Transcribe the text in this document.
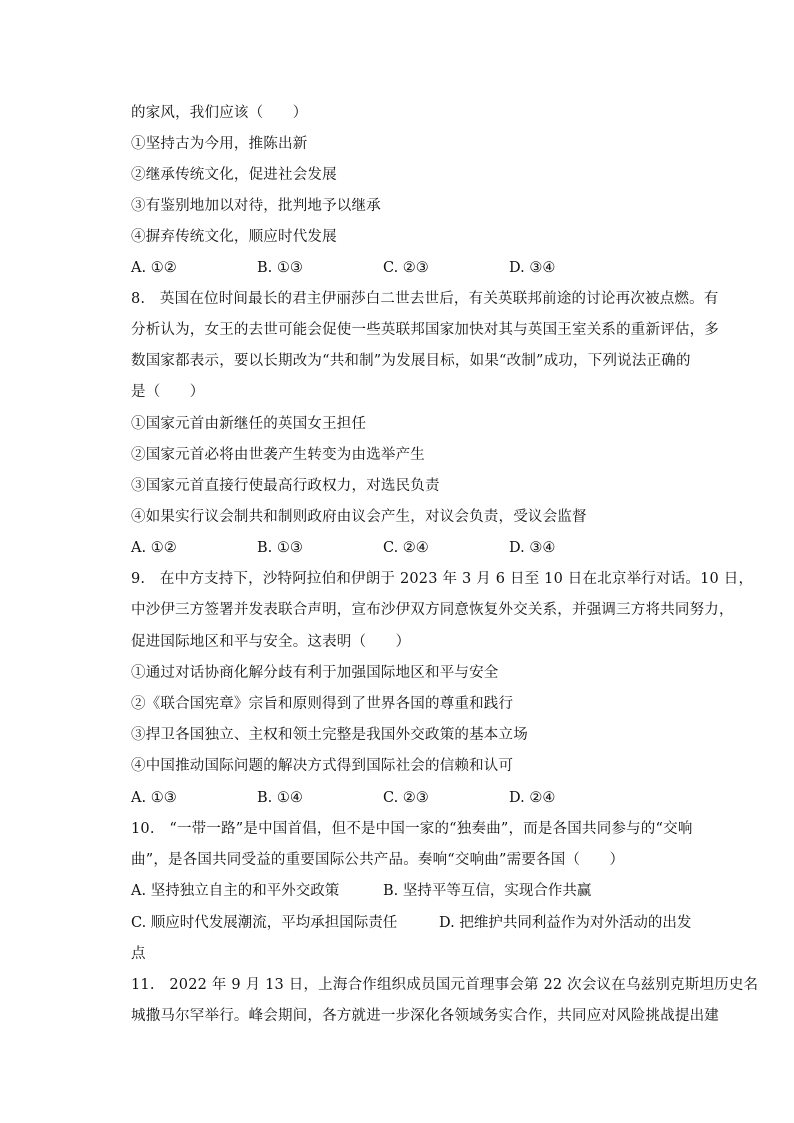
的家风，我们应该（　　）
①坚持古为今用，推陈出新
②继承传统文化，促进社会发展
③有鉴别地加以对待，批判地予以继承
④摒弃传统文化，顺应时代发展
A. ①②	B. ①③	C. ②③	D. ③④
8.　英国在位时间最长的君主伊丽莎白二世去世后，有关英联邦前途的讨论再次被点燃。有
分析认为，女王的去世可能会促使一些英联邦国家加快对其与英国王室关系的重新评估，多
数国家都表示，要以长期改为“共和制”为发展目标，如果“改制”成功，下列说法正确的
是（　　）
①国家元首由新继任的英国女王担任
②国家元首必将由世袭产生转变为由选举产生
③国家元首直接行使最高行政权力，对选民负责
④如果实行议会制共和制则政府由议会产生，对议会负责，受议会监督
A. ①②	B. ①③	C. ②④	D. ③④
9.　在中方支持下，沙特阿拉伯和伊朗于 2023 年 3 月 6 日至 10 日在北京举行对话。10 日，
中沙伊三方签署并发表联合声明，宣布沙伊双方同意恢复外交关系，并强调三方将共同努力，
促进国际地区和平与安全。这表明（　　）
①通过对话协商化解分歧有利于加强国际地区和平与安全
②《联合国宪章》宗旨和原则得到了世界各国的尊重和践行
③捍卫各国独立、主权和领土完整是我国外交政策的基本立场
④中国推动国际问题的解决方式得到国际社会的信赖和认可
A. ①③	B. ①④	C. ②③	D. ②④
10.　“一带一路”是中国首倡，但不是中国一家的“独奏曲”，而是各国共同参与的“交响
曲”，是各国共同受益的重要国际公共产品。奏响“交响曲”需要各国（　　）
A. 坚持独立自主的和平外交政策	B. 坚持平等互信，实现合作共赢
C. 顺应时代发展潮流，平均承担国际责任	D. 把维护共同利益作为对外活动的出发
点
11.　2022 年 9 月 13 日，上海合作组织成员国元首理事会第 22 次会议在乌兹别克斯坦历史名
城撒马尔罕举行。峰会期间，各方就进一步深化各领域务实合作，共同应对风险挑战提出建
